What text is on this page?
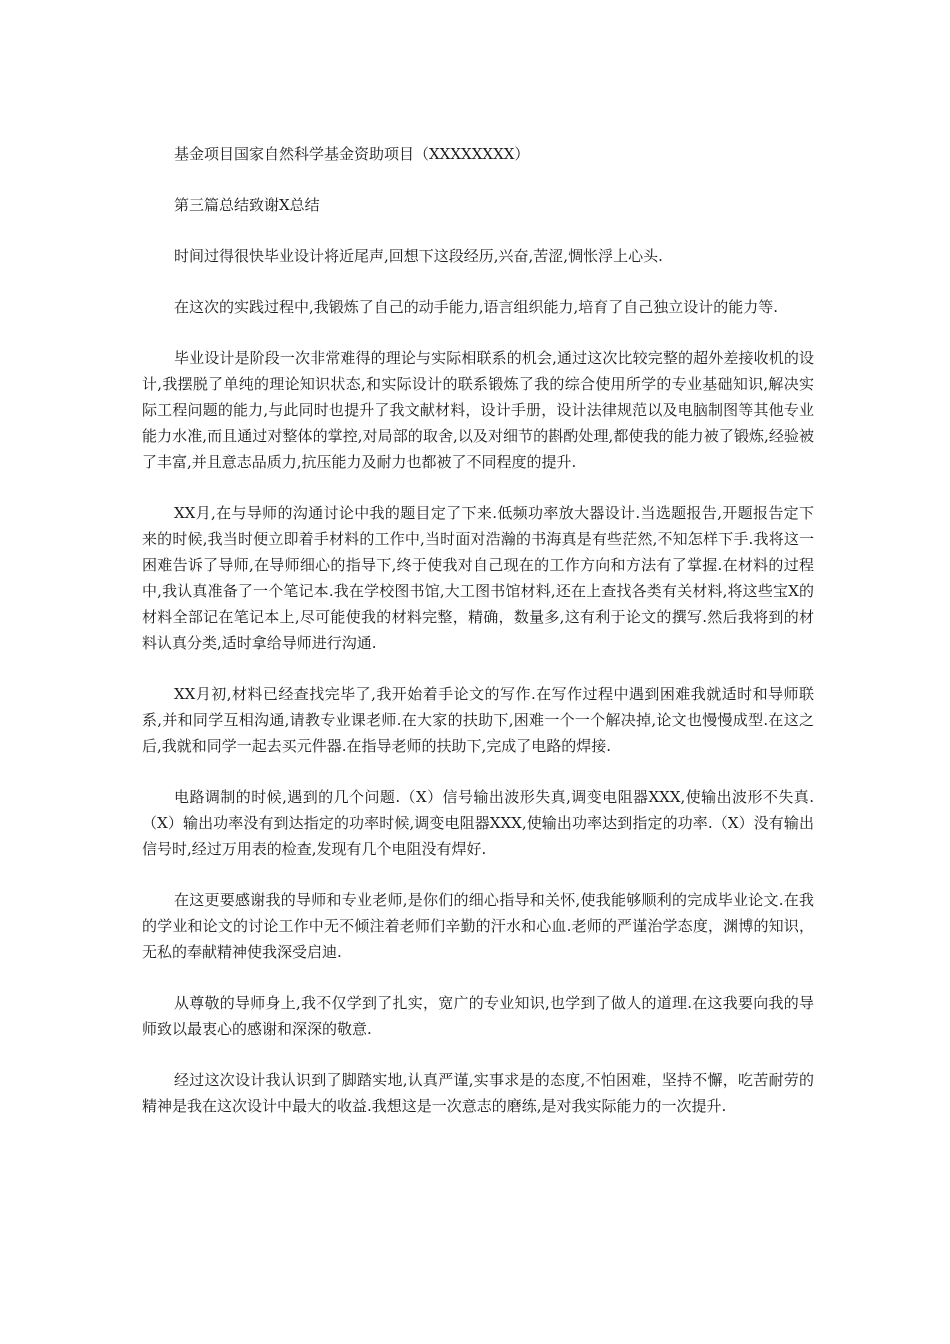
基金项目国家自然科学基金资助项目（XXXXXXXX）

第三篇总结致谢X总结

时间过得很快毕业设计将近尾声,回想下这段经历,兴奋,苦涩,惆怅浮上心头.

在这次的实践过程中,我锻炼了自己的动手能力,语言组织能力,培育了自己独立设计的能力等.

毕业设计是阶段一次非常难得的理论与实际相联系的机会,通过这次比较完整的超外差接收机的设计,我摆脱了单纯的理论知识状态,和实际设计的联系锻炼了我的综合使用所学的专业基础知识,解决实际工程问题的能力,与此同时也提升了我文献材料，设计手册，设计法律规范以及电脑制图等其他专业能力水准,而且通过对整体的掌控,对局部的取舍,以及对细节的斟酌处理,都使我的能力被了锻炼,经验被了丰富,并且意志品质力,抗压能力及耐力也都被了不同程度的提升.

XX月,在与导师的沟通讨论中我的题目定了下来.低频功率放大器设计.当选题报告,开题报告定下来的时候,我当时便立即着手材料的工作中,当时面对浩瀚的书海真是有些茫然,不知怎样下手.我将这一困难告诉了导师,在导师细心的指导下,终于使我对自己现在的工作方向和方法有了掌握.在材料的过程中,我认真准备了一个笔记本.我在学校图书馆,大工图书馆材料,还在上查找各类有关材料,将这些宝X的材料全部记在笔记本上,尽可能使我的材料完整，精确，数量多,这有利于论文的撰写.然后我将到的材料认真分类,适时拿给导师进行沟通.

XX月初,材料已经查找完毕了,我开始着手论文的写作.在写作过程中遇到困难我就适时和导师联系,并和同学互相沟通,请教专业课老师.在大家的扶助下,困难一个一个解决掉,论文也慢慢成型.在这之后,我就和同学一起去买元件器.在指导老师的扶助下,完成了电路的焊接.

电路调制的时候,遇到的几个问题.（X）信号输出波形失真,调变电阻器XXX,使输出波形不失真.（X）输出功率没有到达指定的功率时候,调变电阻器XXX,使输出功率达到指定的功率.（X）没有输出信号时,经过万用表的检查,发现有几个电阻没有焊好.

在这更要感谢我的导师和专业老师,是你们的细心指导和关怀,使我能够顺利的完成毕业论文.在我的学业和论文的讨论工作中无不倾注着老师们辛勤的汗水和心血.老师的严谨治学态度，渊博的知识，无私的奉献精神使我深受启迪.

从尊敬的导师身上,我不仅学到了扎实，宽广的专业知识,也学到了做人的道理.在这我要向我的导师致以最衷心的感谢和深深的敬意.

经过这次设计我认识到了脚踏实地,认真严谨,实事求是的态度,不怕困难，坚持不懈，吃苦耐劳的精神是我在这次设计中最大的收益.我想这是一次意志的磨练,是对我实际能力的一次提升.
